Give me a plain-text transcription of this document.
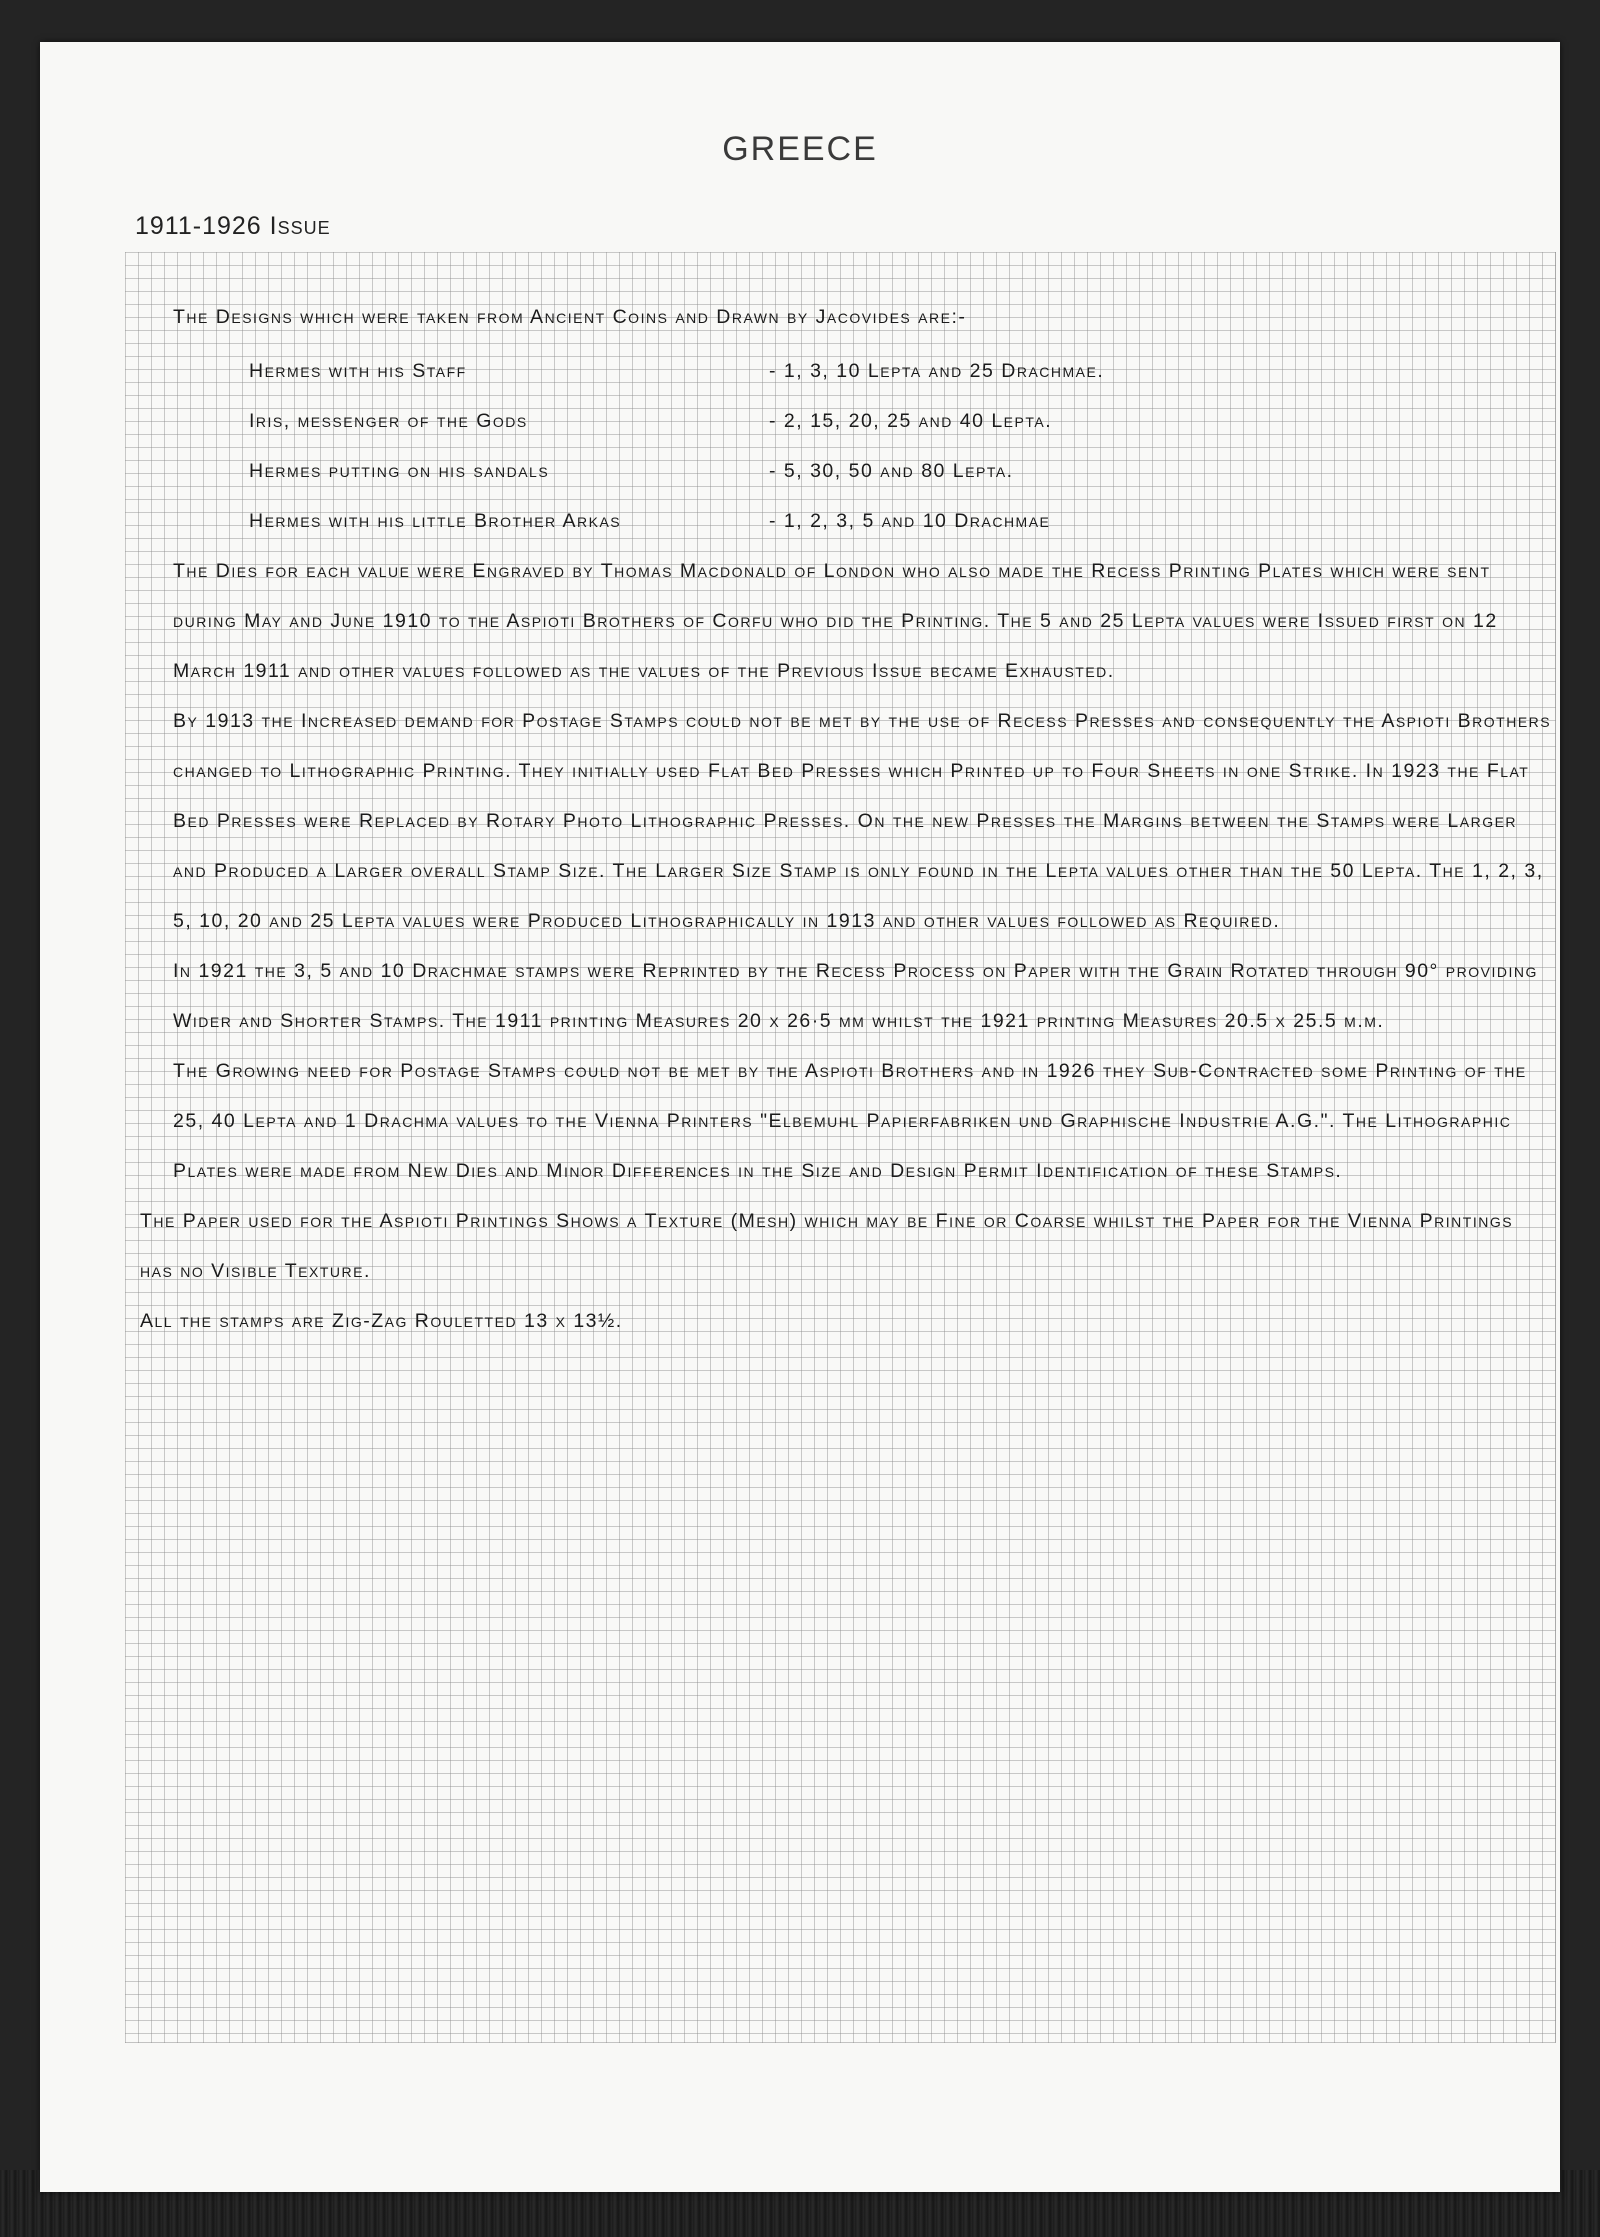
GREECE
1911-1926 Issue
The Designs which were taken from Ancient Coins and Drawn by Jacovides are:-
Hermes with his Staff	- 1, 3, 10 Lepta and 25 Drachmae.
Iris, messenger of the Gods	- 2, 15, 20, 25 and 40 Lepta.
Hermes putting on his sandals	- 5, 30, 50 and 80 Lepta.
Hermes with his little Brother Arkas	- 1, 2, 3, 5 and 10 Drachmae
The Dies for each value were Engraved by Thomas Macdonald of London who also made the Recess Printing Plates which were sent during May and June 1910 to the Aspioti Brothers of Corfu who did the Printing. The 5 and 25 Lepta values were Issued first on 12 March 1911 and other values followed as the values of the Previous Issue became Exhausted.
By 1913 the Increased demand for Postage Stamps could not be met by the use of Recess Presses and consequently the Aspioti Brothers changed to Lithographic Printing. They initially used Flat Bed Presses which Printed up to Four Sheets in one Strike. In 1923 the Flat Bed Presses were Replaced by Rotary Photo Lithographic Presses. On the new Presses the Margins between the Stamps were Larger and Produced a Larger overall Stamp Size. The Larger Size Stamp is only found in the Lepta values other than the 50 Lepta. The 1, 2, 3, 5, 10, 20 and 25 Lepta values were Produced Lithographically in 1913 and other values followed as Required.
In 1921 the 3, 5 and 10 Drachmae stamps were Reprinted by the Recess Process on Paper with the Grain Rotated through 90° providing Wider and Shorter Stamps. The 1911 printing Measures 20 x 26·5 mm whilst the 1921 printing Measures 20.5 x 25.5 m.m.
The Growing need for Postage Stamps could not be met by the Aspioti Brothers and in 1926 they Sub-Contracted some Printing of the 25, 40 Lepta and 1 Drachma values to the Vienna Printers "Elbemuhl Papierfabriken und Graphische Industrie A.G.". The Lithographic Plates were made from New Dies and Minor Differences in the Size and Design Permit Identification of these Stamps.
The Paper used for the Aspioti Printings Shows a Texture (Mesh) which may be Fine or Coarse whilst the Paper for the Vienna Printings has no Visible Texture.
All the stamps are Zig-Zag Rouletted 13 x 13½.
